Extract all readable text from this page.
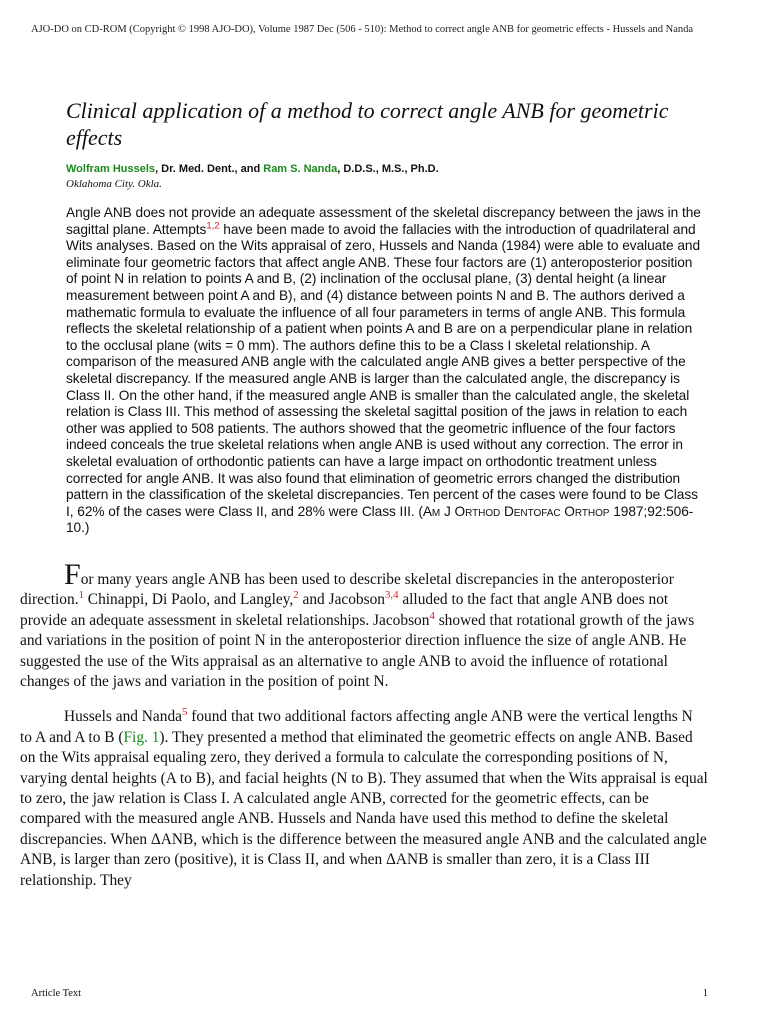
AJO-DO on CD-ROM (Copyright © 1998 AJO-DO), Volume 1987 Dec (506 - 510): Method to correct angle ANB for geometric effects - Hussels and Nanda
Clinical application of a method to correct angle ANB for geometric effects
Wolfram Hussels, Dr. Med. Dent., and Ram S. Nanda, D.D.S., M.S., Ph.D.
Oklahoma City. Okla.
Angle ANB does not provide an adequate assessment of the skeletal discrepancy between the jaws in the sagittal plane. Attempts$^{1,2}$ have been made to avoid the fallacies with the introduction of quadrilateral and Wits analyses. Based on the Wits appraisal of zero, Hussels and Nanda (1984) were able to evaluate and eliminate four geometric factors that affect angle ANB. These four factors are (1) anteroposterior position of point N in relation to points A and B, (2) inclination of the occlusal plane, (3) dental height (a linear measurement between point A and B), and (4) distance between points N and B. The authors derived a mathematic formula to evaluate the influence of all four parameters in terms of angle ANB. This formula reflects the skeletal relationship of a patient when points A and B are on a perpendicular plane in relation to the occlusal plane (wits = 0 mm). The authors define this to be a Class I skeletal relationship. A comparison of the measured ANB angle with the calculated angle ANB gives a better perspective of the skeletal discrepancy. If the measured angle ANB is larger than the calculated angle, the discrepancy is Class II. On the other hand, if the measured angle ANB is smaller than the calculated angle, the skeletal relation is Class III. This method of assessing the skeletal sagittal position of the jaws in relation to each other was applied to 508 patients. The authors showed that the geometric influence of the four factors indeed conceals the true skeletal relations when angle ANB is used without any correction. The error in skeletal evaluation of orthodontic patients can have a large impact on orthodontic treatment unless corrected for angle ANB. It was also found that elimination of geometric errors changed the distribution pattern in the classification of the skeletal discrepancies. Ten percent of the cases were found to be Class I, 62% of the cases were Class II, and 28% were Class III. (Am J Orthod Dentofac Orthop 1987;92:506-10.)

For many years angle ANB has been used to describe skeletal discrepancies in the anteroposterior direction.$^1$ Chinappi, Di Paolo, and Langley,$^2$ and Jacobson$^{3,4}$ alluded to the fact that angle ANB does not provide an adequate assessment in skeletal relationships. Jacobson$^4$ showed that rotational growth of the jaws and variations in the position of point N in the anteroposterior direction influence the size of angle ANB. He suggested the use of the Wits appraisal as an alternative to angle ANB to avoid the influence of rotational changes of the jaws and variation in the position of point N.

Hussels and Nanda$^5$ found that two additional factors affecting angle ANB were the vertical lengths N to A and A to B (Fig. 1). They presented a method that eliminated the geometric effects on angle ANB. Based on the Wits appraisal equaling zero, they derived a formula to calculate the corresponding positions of N, varying dental heights (A to B), and facial heights (N to B). They assumed that when the Wits appraisal is equal to zero, the jaw relation is Class I. A calculated angle ANB, corrected for the geometric effects, can be compared with the measured angle ANB. Hussels and Nanda have used this method to define the skeletal discrepancies. When ΔANB, which is the difference between the measured angle ANB and the calculated angle ANB, is larger than zero (positive), it is Class II, and when ΔANB is smaller than zero, it is a Class III relationship. They

Article Text	1
